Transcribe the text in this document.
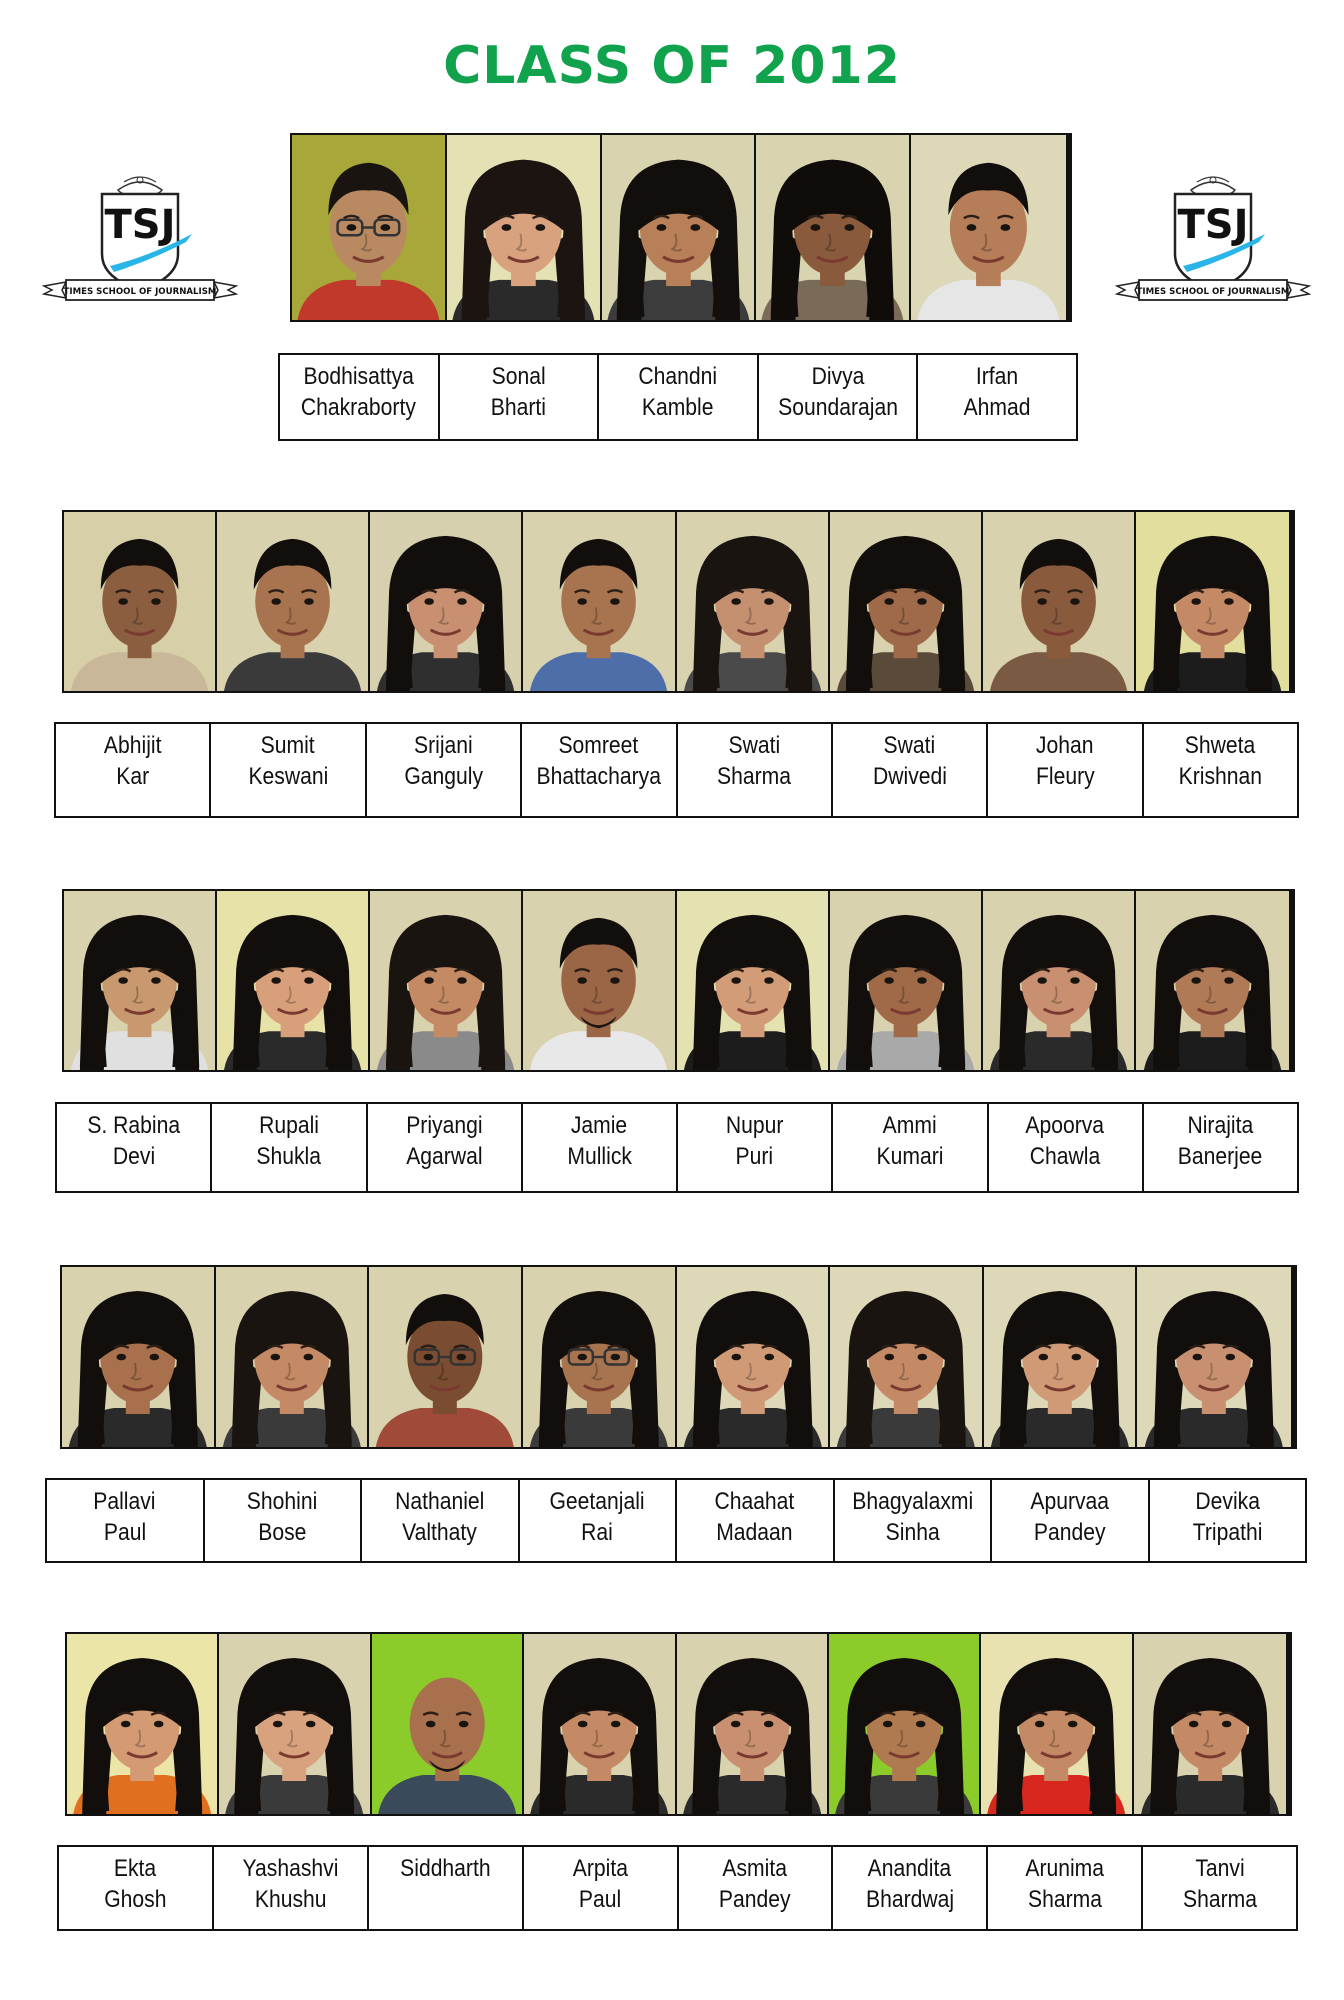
CLASS OF 2012
TSJ
TIMES SCHOOL OF JOURNALISM
TSJ
TIMES SCHOOL OF JOURNALISM
Bodhisattya
Chakraborty
Sonal
Bharti
Chandni
Kamble
Divya
Soundarajan
Irfan
Ahmad
Abhijit
Kar
Sumit
Keswani
Srijani
Ganguly
Somreet
Bhattacharya
Swati
Sharma
Swati
Dwivedi
Johan
Fleury
Shweta
Krishnan
S. Rabina
Devi
Rupali
Shukla
Priyangi
Agarwal
Jamie
Mullick
Nupur
Puri
Ammi
Kumari
Apoorva
Chawla
Nirajita
Banerjee
Pallavi
Paul
Shohini
Bose
Nathaniel
Valthaty
Geetanjali
Rai
Chaahat
Madaan
Bhagyalaxmi
Sinha
Apurvaa
Pandey
Devika
Tripathi
Ekta
Ghosh
Yashashvi
Khushu
Siddharth	Arpita
Paul
Asmita
Pandey
Anandita
Bhardwaj
Arunima
Sharma
Tanvi
Sharma
